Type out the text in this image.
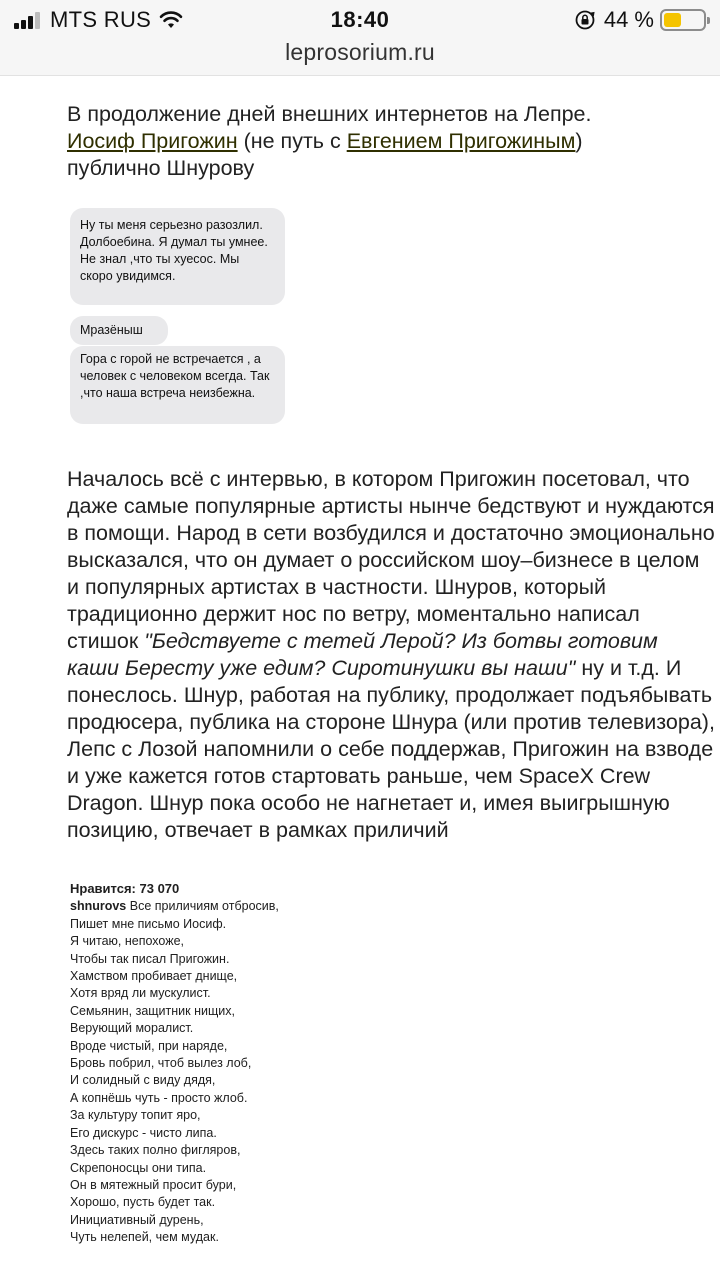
MTS RUS	18:40	44 %
leprosorium.ru
В продолжение дней внешних интернетов на Лепре.
Иосиф Пригожин (не путь с Евгением Пригожиным)
публично Шнурову
Ну ты меня серьезно разозлил. Долбоебина. Я думал ты умнее. Не знал ,что ты хуесос. Мы скоро увидимся.
Мразёныш
Гора с горой не встречается , а человек с человеком всегда. Так ,что наша встреча неизбежна.
Началось всё с интервью, в котором Пригожин посетовал, что даже самые популярные артисты нынче бедствуют и нуждаются в помощи. Народ в сети возбудился и достаточно эмоционально высказался, что он думает о российском шоу–бизнесе в целом и популярных артистах в частности. Шнуров, который традиционно держит нос по ветру, моментально написал стишок "Бедствуете с тетей Лерой? Из ботвы готовим каши Бересту уже едим? Сиротинушки вы наши" ну и т.д. И понеслось. Шнур, работая на публику, продолжает подъябывать продюсера, публика на стороне Шнура (или против телевизора), Лепс с Лозой напомнили о себе поддержав, Пригожин на взводе и уже кажется готов стартовать раньше, чем SpaceX Crew Dragon. Шнур пока особо не нагнетает и, имея выигрышную позицию, отвечает в рамках приличий
Нравится: 73 070
shnurovs Все приличиям отбросив,
Пишет мне письмо Иосиф.
Я читаю, непохоже,
Чтобы так писал Пригожин.
Хамством пробивает днище,
Хотя вряд ли мускулист.
Семьянин, защитник нищих,
Верующий моралист.
Вроде чистый, при наряде,
Бровь побрил, чтоб вылез лоб,
И солидный с виду дядя,
А копнёшь чуть - просто жлоб.
За культуру топит яро,
Его дискурс - чисто липа.
Здесь таких полно фигляров,
Скрепоносцы они типа.
Он в мятежный просит бури,
Хорошо, пусть будет так.
Инициативный дурень,
Чуть нелепей, чем мудак.
